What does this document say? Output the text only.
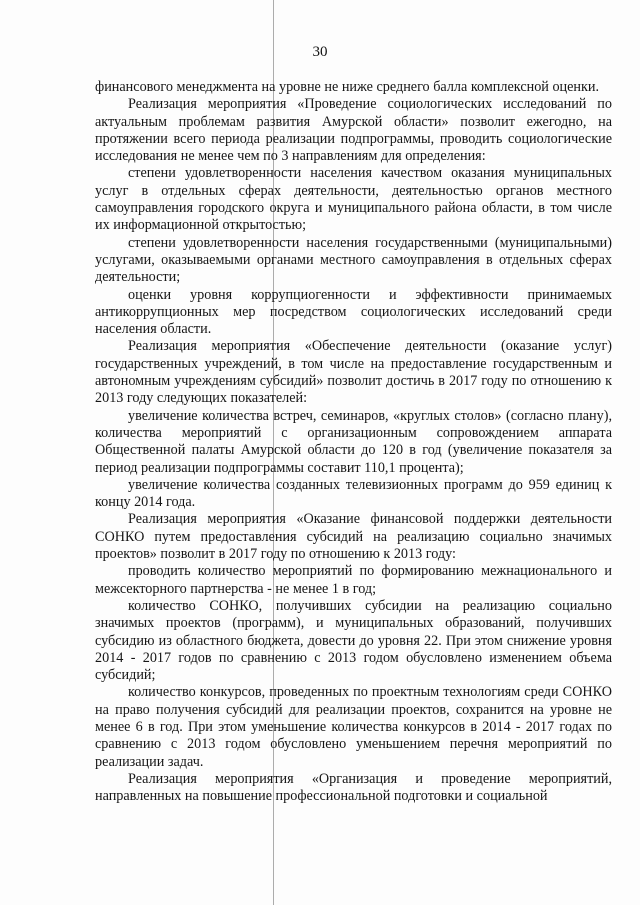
30

финансового менеджмента на уровне не ниже среднего балла комплексной оценки.

Реализация мероприятия «Проведение социологических исследований по актуальным проблемам развития Амурской области» позволит ежегодно, на протяжении всего периода реализации подпрограммы, проводить социологические исследования не менее чем по 3 направлениям для определения:

степени удовлетворенности населения качеством оказания муниципальных услуг в отдельных сферах деятельности, деятельностью органов местного самоуправления городского округа и муниципального района области, в том числе их информационной открытостью;

степени удовлетворенности населения государственными (муниципальными) услугами, оказываемыми органами местного самоуправления в отдельных сферах деятельности;

оценки уровня коррупциогенности и эффективности принимаемых антикоррупционных мер посредством социологических исследований среди населения области.

Реализация мероприятия «Обеспечение деятельности (оказание услуг) государственных учреждений, в том числе на предоставление государственным и автономным учреждениям субсидий» позволит достичь в 2017 году по отношению к 2013 году следующих показателей:

увеличение количества встреч, семинаров, «круглых столов» (согласно плану), количества мероприятий с организационным сопровождением аппарата Общественной палаты Амурской области до 120 в год (увеличение показателя за период реализации подпрограммы составит 110,1 процента);

увеличение количества созданных телевизионных программ до 959 единиц к концу 2014 года.

Реализация мероприятия «Оказание финансовой поддержки деятельности СОНКО путем предоставления субсидий на реализацию социально значимых проектов» позволит в 2017 году по отношению к 2013 году:

проводить количество мероприятий по формированию межнационального и межсекторного партнерства - не менее 1 в год;

количество СОНКО, получивших субсидии на реализацию социально значимых проектов (программ), и муниципальных образований, получивших субсидию из областного бюджета, довести до уровня 22. При этом снижение уровня 2014 - 2017 годов по сравнению с 2013 годом обусловлено изменением объема субсидий;

количество конкурсов, проведенных по проектным технологиям среди СОНКО на право получения субсидий для реализации проектов, сохранится на уровне не менее 6 в год. При этом уменьшение количества конкурсов в 2014 - 2017 годах по сравнению с 2013 годом обусловлено уменьшением перечня мероприятий по реализации задач.

Реализация мероприятия «Организация и проведение мероприятий, направленных на повышение профессиональной подготовки и социальной
